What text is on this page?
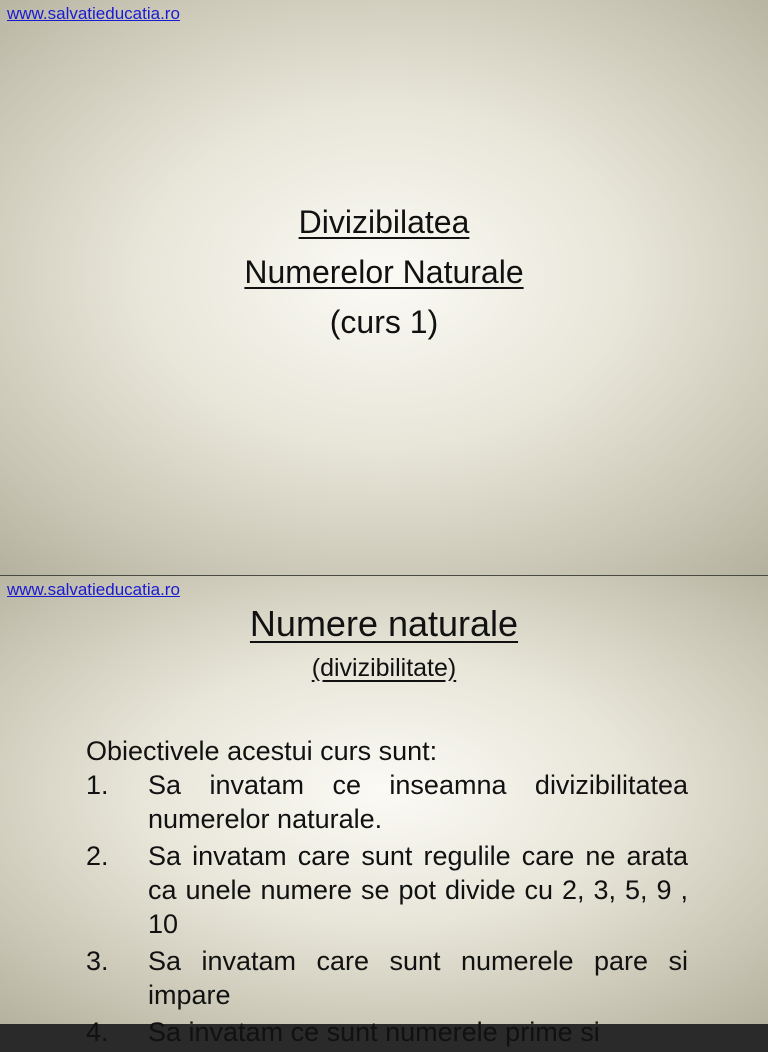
www.salvatieducatia.ro
Divizibilatea
Numerelor Naturale
(curs 1)
www.salvatieducatia.ro
Numere naturale
(divizibilitate)
Obiectivele acestui curs sunt:
1.	Sa invatam ce inseamna divizibilitatea numerelor naturale.
2.	Sa invatam care sunt regulile care ne arata ca unele numere se pot divide cu 2, 3, 5, 9 , 10
3.	Sa invatam care sunt numerele pare si impare
4.	Sa invatam ce sunt numerele prime si
